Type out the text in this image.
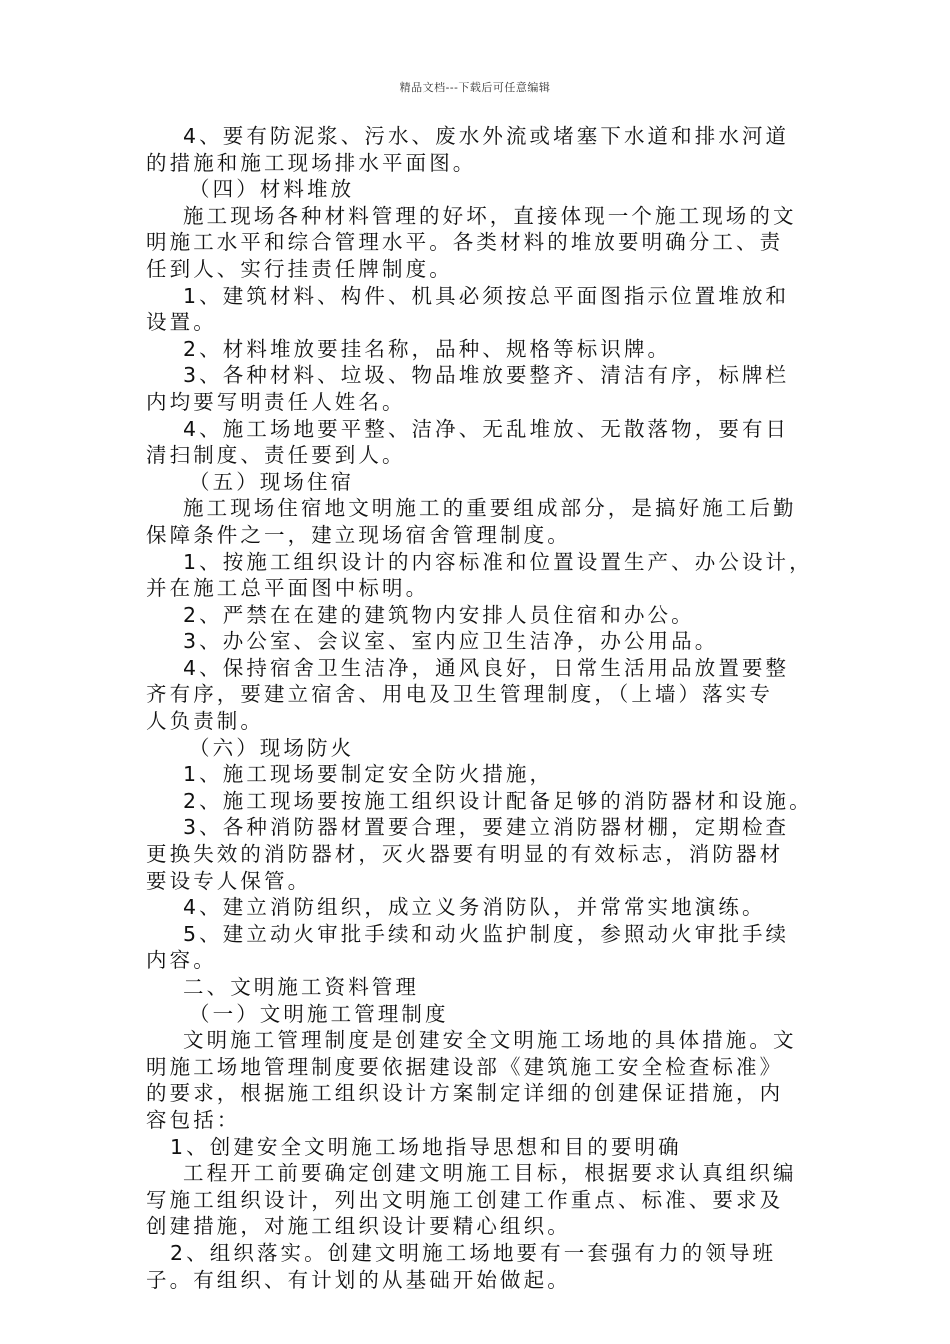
精品文档---下载后可任意编辑
4、要有防泥浆、污水、废水外流或堵塞下水道和排水河道
的措施和施工现场排水平面图。
（四）材料堆放
施工现场各种材料管理的好坏，直接体现一个施工现场的文
明施工水平和综合管理水平。各类材料的堆放要明确分工、责
任到人、实行挂责任牌制度。
1、建筑材料、构件、机具必须按总平面图指示位置堆放和
设置。
2、材料堆放要挂名称，品种、规格等标识牌。
3、各种材料、垃圾、物品堆放要整齐、清洁有序，标牌栏
内均要写明责任人姓名。
4、施工场地要平整、洁净、无乱堆放、无散落物，要有日
清扫制度、责任要到人。
（五）现场住宿
施工现场住宿地文明施工的重要组成部分，是搞好施工后勤
保障条件之一，建立现场宿舍管理制度。
1、按施工组织设计的内容标准和位置设置生产、办公设计，
并在施工总平面图中标明。
2、严禁在在建的建筑物内安排人员住宿和办公。
3、办公室、会议室、室内应卫生洁净，办公用品。
4、保持宿舍卫生洁净，通风良好，日常生活用品放置要整
齐有序，要建立宿舍、用电及卫生管理制度，（上墙）落实专
人负责制。
（六）现场防火
1、施工现场要制定安全防火措施，
2、施工现场要按施工组织设计配备足够的消防器材和设施。
3、各种消防器材置要合理，要建立消防器材棚，定期检查
更换失效的消防器材，灭火器要有明显的有效标志，消防器材
要设专人保管。
4、建立消防组织，成立义务消防队，并常常实地演练。
5、建立动火审批手续和动火监护制度，参照动火审批手续
内容。
二、文明施工资料管理
（一）文明施工管理制度
文明施工管理制度是创建安全文明施工场地的具体措施。文
明施工场地管理制度要依据建设部《建筑施工安全检查标准》
的要求，根据施工组织设计方案制定详细的创建保证措施，内
容包括：
1、创建安全文明施工场地指导思想和目的要明确
工程开工前要确定创建文明施工目标，根据要求认真组织编
写施工组织设计，列出文明施工创建工作重点、标准、要求及
创建措施，对施工组织设计要精心组织。
2、组织落实。创建文明施工场地要有一套强有力的领导班
子。有组织、有计划的从基础开始做起。
